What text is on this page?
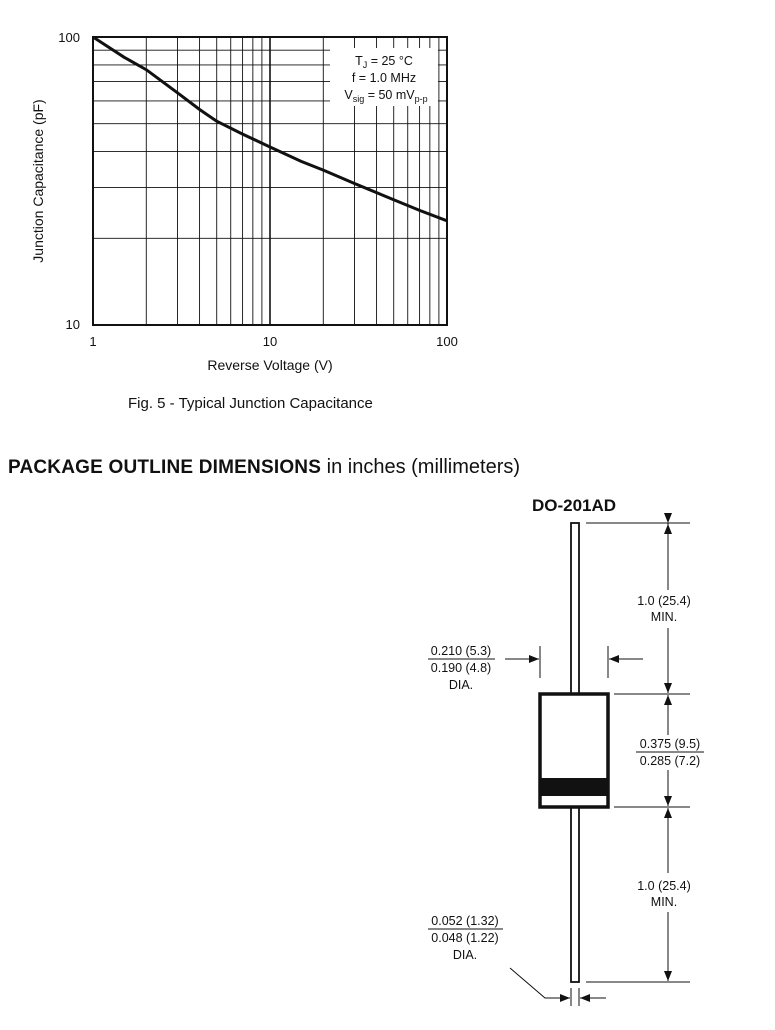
$T_J = 25$ °C
f = 1.0 MHz
$V_{sig} = 50$ $mV_{p-p}$
100
10
1	10	100
Reverse Voltage (V)
Junction Capacitance (pF)
Fig. 5 - Typical Junction Capacitance
PACKAGE OUTLINE DIMENSIONS in inches (millimeters)
DO-201AD
1.0 (25.4)
MIN.
0.375 (9.5)
0.285 (7.2)
1.0 (25.4)
MIN.
0.210 (5.3)
0.190 (4.8)
DIA.
0.052 (1.32)
0.048 (1.22)
DIA.
